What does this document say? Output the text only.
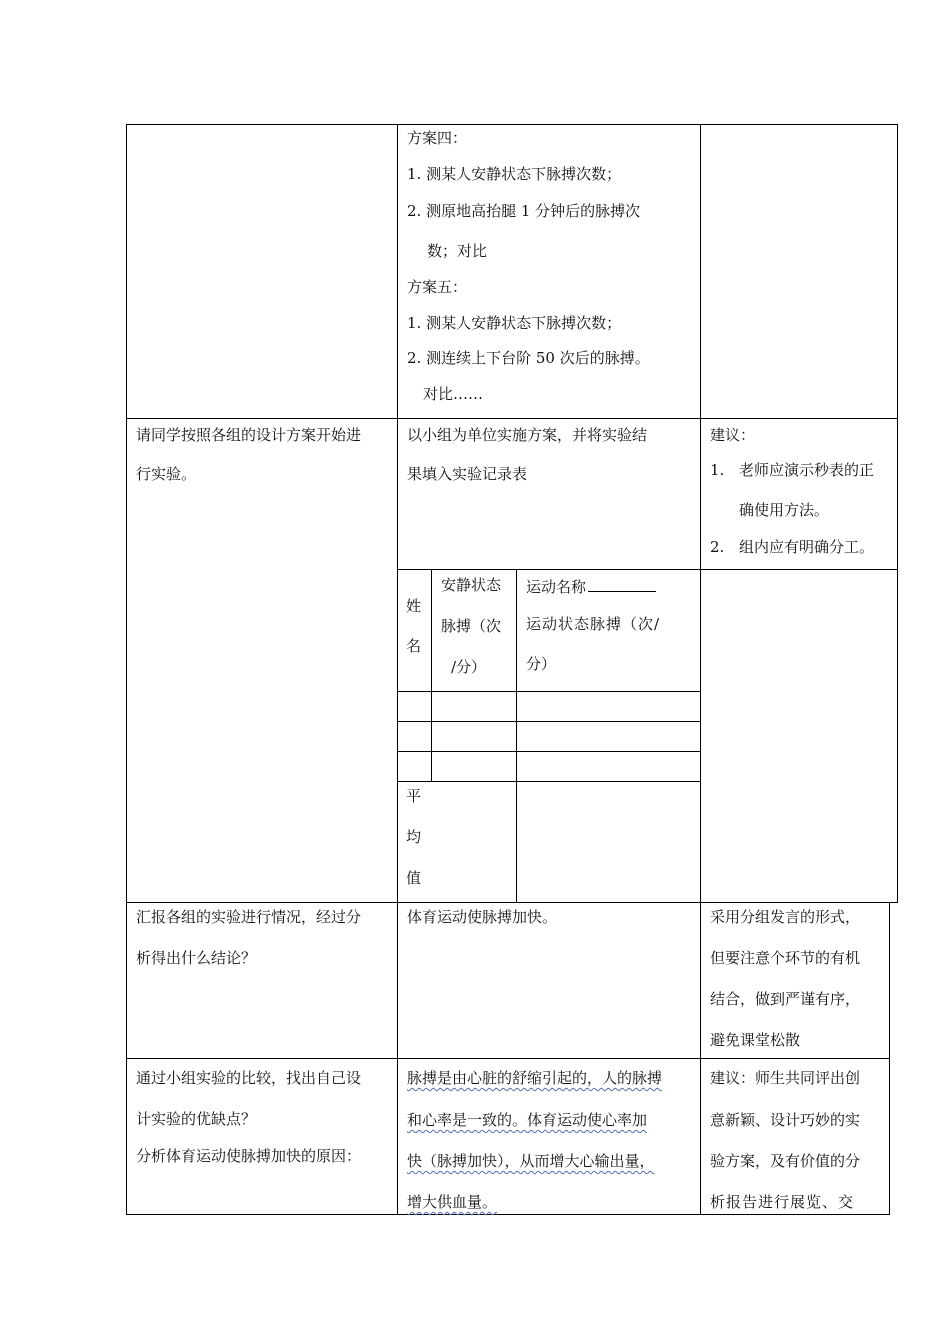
方案四：
1. 测某人安静状态下脉搏次数；
2. 测原地高抬腿 1 分钟后的脉搏次
数；对比
方案五：
1. 测某人安静状态下脉搏次数；
2. 测连续上下台阶 50 次后的脉搏。
对比……
请同学按照各组的设计方案开始进
行实验。
以小组为单位实施方案，并将实验结
果填入实验记录表
建议：
1. 老师应演示秒表的正
确使用方法。
2. 组内应有明确分工。
姓
名
安静状态
脉搏（次
/分）
运动名称
运动状态脉搏（次/
分）
平
均
值
汇报各组的实验进行情况，经过分
析得出什么结论？
体育运动使脉搏加快。	采用分组发言的形式，
但要注意个环节的有机
结合，做到严谨有序，
避免课堂松散
通过小组实验的比较，找出自己设
计实验的优缺点？
分析体育运动使脉搏加快的原因：
脉搏是由心脏的舒缩引起的，人的脉搏
和心率是一致的。体育运动使心率加
快（脉搏加快），从而增大心输出量，
增大供血量。
建议：师生共同评出创
意新颖、设计巧妙的实
验方案，及有价值的分
析报告进行展览、交
